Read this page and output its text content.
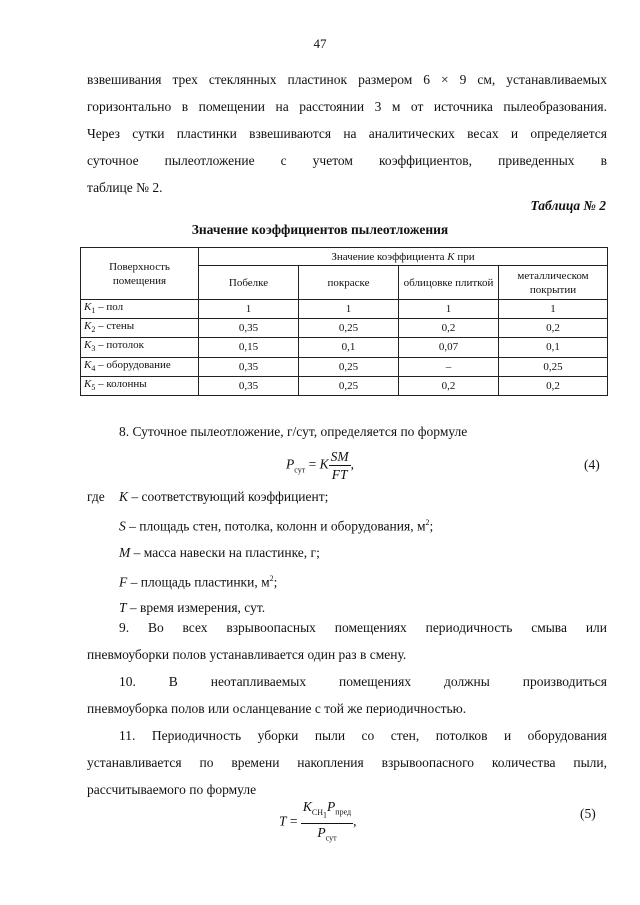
47
взвешивания трех стеклянных пластинок размером 6 × 9 см, устанавливаемых
горизонтально в помещении на расстоянии 3 м от источника пылеобразования.
Через сутки пластинки взвешиваются на аналитических весах и определяется
суточное пылеотложение с учетом коэффициентов, приведенных в
таблице № 2.
Таблица № 2
Значение коэффициентов пылеотложения
Поверхность помещения	Значение коэффициента K при			
	Побелке	покраске	облицовке плиткой	металлическом покрытии
$K_1$ – пол	1	1	1	1
$K_2$ – стены	0,35	0,25	0,2	0,2
$K_3$ – потолок	0,15	0,1	0,07	0,1
$K_4$ – оборудование	0,35	0,25	–	0,25
$K_5$ – колонны	0,35	0,25	0,2	0,2
8. Суточное пылеотложение, г/сут, определяется по формуле
$P_{сут} = K \frac{SM}{FT}$ ,	(4)
где K – соответствующий коэффициент;
S – площадь стен, потолка, колонн и оборудования, $м^2$;
M – масса навески на пластинке, г;
F – площадь пластинки, $м^2$;
T – время измерения, сут.
9. Во всех взрывоопасных помещениях периодичность смыва или
пневмоуборки полов устанавливается один раз в смену.
10. В неотапливаемых помещениях должны производиться
пневмоуборка полов или осланцевание с той же периодичностью.
11. Периодичность уборки пыли со стен, потолков и оборудования
устанавливается по времени накопления взрывоопасного количества пыли,
рассчитываемого по формуле
$T = \frac{K_{CH_1}P_{пред}}{P_{сут}}$ ,
(5)
